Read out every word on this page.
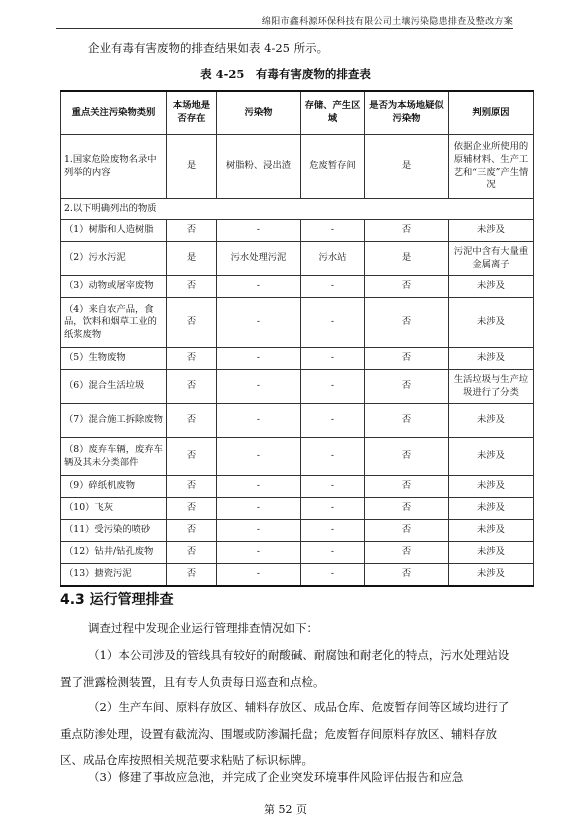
绵阳市鑫科源环保科技有限公司土壤污染隐患排查及整改方案
企业有毒有害废物的排查结果如表 4-25 所示。
表 4-25　有毒有害废物的排查表
重点关注污染物类别	本场地是否存在	污染物	存储、产生区域	是否为本场地疑似污染物	判别原因
1.国家危险废物名录中列举的内容	是	树脂粉、浸出渣	危废暂存间	是	依据企业所使用的原辅材料、生产工艺和“三废”产生情况
2.以下明确列出的物质					
（1）树脂和人造树脂	否	-	-	否	未涉及
（2）污水污泥	是	污水处理污泥	污水站	是	污泥中含有大量重金属离子
（3）动物或屠宰废物	否	-	-	否	未涉及
（4）来自农产品，食品，饮料和烟草工业的纸浆废物	否	-	-	否	未涉及
（5）生物废物	否	-	-	否	未涉及
（6）混合生活垃圾	否	-	-	否	生活垃圾与生产垃圾进行了分类
（7）混合施工拆除废物	否	-	-	否	未涉及
（8）废弃车辆，废弃车辆及其未分类部件	否	-	-	否	未涉及
（9）碎纸机废物	否	-	-	否	未涉及
（10）飞灰	否	-	-	否	未涉及
（11）受污染的喷砂	否	-	-	否	未涉及
（12）钻井/钻孔废物	否	-	-	否	未涉及
（13）搪瓷污泥	否	-	-	否	未涉及
4.3 运行管理排查

调查过程中发现企业运行管理排查情况如下：

（1）本公司涉及的管线具有较好的耐酸碱、耐腐蚀和耐老化的特点，污水处理站设置了泄露检测装置，且有专人负责每日巡查和点检。

（2）生产车间、原料存放区、辅料存放区、成品仓库、危废暂存间等区域均进行了重点防渗处理，设置有截流沟、围堰或防渗漏托盘；危废暂存间原料存放区、辅料存放区、成品仓库按照相关规范要求粘贴了标识标牌。

（3）修建了事故应急池，并完成了企业突发环境事件风险评估报告和应急

第 52 页
